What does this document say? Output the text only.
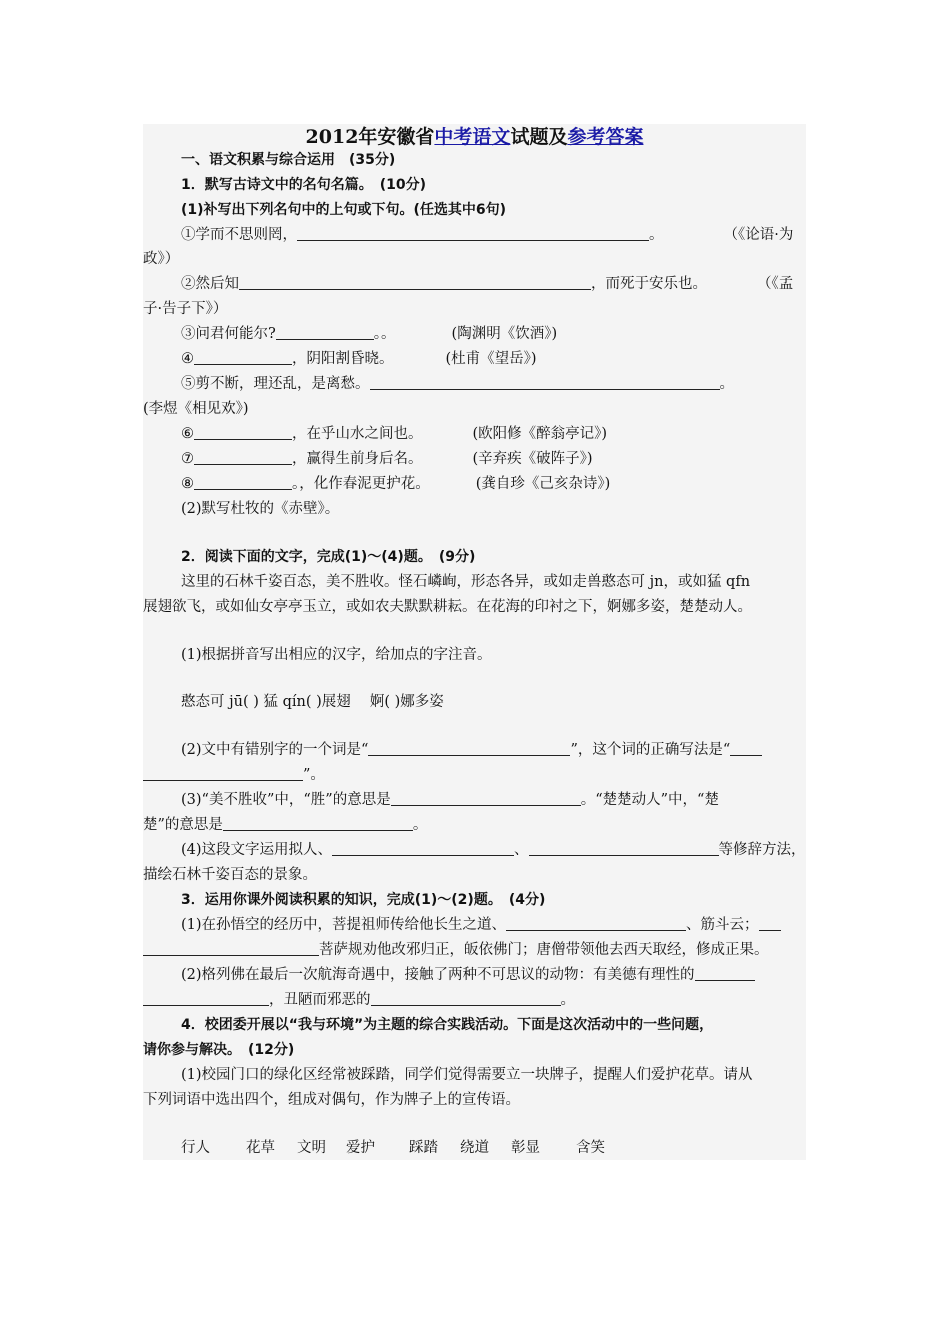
2012年安徽省中考语文试题及参考答案
一、语文积累与综合运用　(35分)
1．默写古诗文中的名句名篇。　(10分)
(1)补写出下列名句中的上句或下句。(任选其中6句)
①学而不思则罔，	。	（《论语·为
政》）
②然后知	，而死于安乐也。	（《孟
子·告子下》）
③问君何能尔?	。。	(陶渊明《饮酒》)
④	，阴阳割昏晓。	(杜甫《望岳》)
⑤剪不断，理还乱，是离愁。	。
(李煜《相见欢》)
⑥	，在乎山水之间也。	(欧阳修《醉翁亭记》)
⑦	，赢得生前身后名。	(辛弃疾《破阵子》)
⑧	。，化作春泥更护花。	(龚自珍《己亥杂诗》)
(2)默写杜牧的《赤壁》。
2．阅读下面的文字，完成(1)～(4)题。　(9分)
这里的石林千姿百态，美不胜收。怪石嶙峋，形态各异，或如走兽憨态可 jn，或如猛 qfn
展翅欲飞，或如仙女亭亭玉立，或如农夫默默耕耘。在花海的印衬之下，婀娜多姿，楚楚动人。
(1)根据拼音写出相应的汉字，给加点的字注音。
憨态可 jū( ) 猛 qín( )展翅　 婀( )娜多姿
(2)文中有错别字的一个词是“	”，这个词的正确写法是“
”。
(3)“美不胜收”中，“胜”的意思是	。“楚楚动人”中，“楚
楚”的意思是	。
(4)这段文字运用拟人、	、	等修辞方法，
描绘石林千姿百态的景象。
3．运用你课外阅读积累的知识，完成(1)～(2)题。　(4分)
(1)在孙悟空的经历中，菩提祖师传给他长生之道、	、筋斗云；
菩萨规劝他改邪归正，皈依佛门；唐僧带领他去西天取经，修成正果。
(2)格列佛在最后一次航海奇遇中，接触了两种不可思议的动物：有美德有理性的
，丑陋而邪恶的	。
4．校团委开展以“我与环境”为主题的综合实践活动。下面是这次活动中的一些问题，
请你参与解决。　(12分)
(1)校园门口的绿化区经常被踩踏，同学们觉得需要立一块牌子，提醒人们爱护花草。请从
下列词语中选出四个，组成对偶句，作为牌子上的宣传语。
行人 花草 文明 爱护 踩踏 绕道 彰显 含笑
